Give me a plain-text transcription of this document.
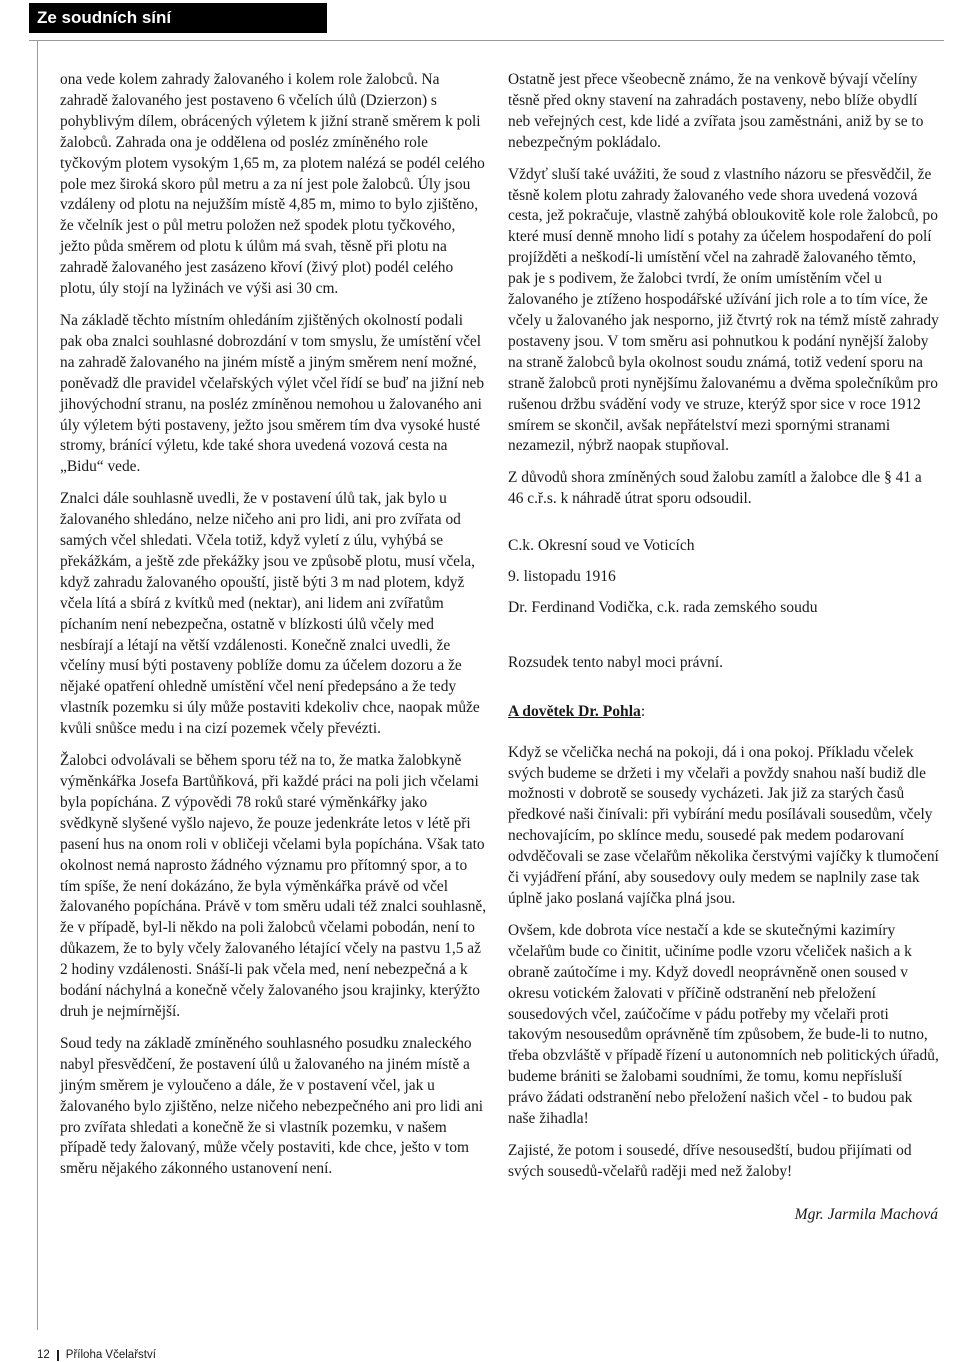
Ze soudních síní

ona vede kolem zahrady žalovaného i kolem role žalobců. Na zahradě žalovaného jest postaveno 6 včelích úlů (Dzierzon) s pohyblivým dílem, obrácených výletem k jižní straně směrem k poli žalobců. Zahrada ona je oddělena od posléz zmíněného role tyčkovým plotem vysokým 1,65 m, za plotem nalézá se podél celého pole mez široká skoro půl metru a za ní jest pole žalobců. Úly jsou vzdáleny od plotu na nejužším místě 4,85 m, mimo to bylo zjištěno, že včelník jest o půl metru položen než spodek plotu tyčkového, ježto půda směrem od plotu k úlům má svah, těsně při plotu na zahradě žalovaného jest zasázeno křoví (živý plot) podél celého plotu, úly stojí na lyžinách ve výši asi 30 cm.

Na základě těchto místním ohledáním zjištěných okolností podali pak oba znalci souhlasné dobrozdání v tom smyslu, že umístění včel na zahradě žalovaného na jiném místě a jiným směrem není možné, poněvadž dle pravidel včelařských výlet včel řídí se buď na jižní neb jihovýchodní stranu, na posléz zmíněnou nemohou u žalovaného ani úly výletem býti postaveny, ježto jsou směrem tím dva vysoké husté stromy, bránící výletu, kde také shora uvedená vozová cesta na „Bidu“ vede.

Znalci dále souhlasně uvedli, že v postavení úlů tak, jak bylo u žalovaného shledáno, nelze ničeho ani pro lidi, ani pro zvířata od samých včel shledati. Včela totiž, když vyletí z úlu, vyhýbá se překážkám, a ještě zde překážky jsou ve způsobě plotu, musí včela, když zahradu žalovaného opouští, jistě býti 3 m nad plotem, když včela lítá a sbírá z kvítků med (nektar), ani lidem ani zvířatům píchaním není nebezpečna, ostatně v blízkosti úlů včely med nesbírají a létají na větší vzdálenosti. Konečně znalci uvedli, že včelíny musí býti postaveny poblíže domu za účelem dozoru a že nějaké opatření ohledně umístění včel není předepsáno a že tedy vlastník pozemku si úly může postaviti kdekoliv chce, naopak může kvůli snůšce medu i na cizí pozemek včely převézti.

Žalobci odvolávali se během sporu též na to, že matka žalobkyně výměnkářka Josefa Bartůňková, při každé práci na poli jich včelami byla popíchána. Z výpovědi 78 roků staré výměnkářky jako svědkyně slyšené vyšlo najevo, že pouze jedenkráte letos v létě při pasení hus na onom roli v obličeji včelami byla popíchána. Však tato okolnost nemá naprosto žádného významu pro přítomný spor, a to tím spíše, že není dokázáno, že byla výměnkářka právě od včel žalovaného popíchána. Právě v tom směru udali též znalci souhlasně, že v případě, byl-li někdo na poli žalobců včelami pobodán, není to důkazem, že to byly včely žalovaného létající včely na pastvu 1,5 až 2 hodiny vzdálenosti. Snáší-li pak včela med, není nebezpečná a k bodání náchylná a konečně včely žalovaného jsou krajinky, kterýžto druh je nejmírnější.

Soud tedy na základě zmíněného souhlasného posudku znaleckého nabyl přesvědčení, že postavení úlů u žalovaného na jiném místě a jiným směrem je vyloučeno a dále, že v postavení včel, jak u žalovaného bylo zjištěno, nelze ničeho nebezpečného ani pro lidi ani pro zvířata shledati a konečně že si vlastník pozemku, v našem případě tedy žalovaný, může včely postaviti, kde chce, ješto v tom směru nějakého zákonného ustanovení není.

Ostatně jest přece všeobecně známo, že na venkově bývají včelíny těsně před okny stavení na zahradách postaveny, nebo blíže obydlí neb veřejných cest, kde lidé a zvířata jsou zaměstnáni, aniž by se to nebezpečným pokládalo.

Vždyť sluší také uvážiti, že soud z vlastního názoru se přesvědčil, že těsně kolem plotu zahrady žalovaného vede shora uvedená vozová cesta, jež pokračuje, vlastně zahýbá obloukovitě kole role žalobců, po které musí denně mnoho lidí s potahy za účelem hospodaření do polí projížděti a neškodí-li umístění včel na zahradě žalovaného těmto, pak je s podivem, že žalobci tvrdí, že oním umístěním včel u žalovaného je ztíženo hospodářské užívání jich role a to tím více, že včely u žalovaného jak nesporno, již čtvrtý rok na témž místě zahrady postaveny jsou. V tom směru asi pohnutkou k podání nynější žaloby na straně žalobců byla okolnost soudu známá, totiž vedení sporu na straně žalobců proti nynějšímu žalovanému a dvěma společníkům pro rušenou držbu svádění vody ve struze, kterýž spor sice v roce 1912 smírem se skončil, avšak nepřátelství mezi spornými stranami nezamezil, nýbrž naopak stupňoval.

Z důvodů shora zmíněných soud žalobu zamítl a žalobce dle § 41 a 46 c.ř.s. k náhradě útrat sporu odsoudil.

C.k. Okresní soud ve Voticích

9. listopadu 1916

Dr. Ferdinand Vodička, c.k. rada zemského soudu

Rozsudek tento nabyl moci právní.

A dovětek Dr. Pohla:

Když se včelička nechá na pokoji, dá i ona pokoj. Příkladu včelek svých budeme se držeti i my včelaři a povždy snahou naší budiž dle možnosti v dobrotě se sousedy vycházeti. Jak již za starých časů předkové naši činívali: při vybírání medu posílávali sousedům, včely nechovajícím, po sklínce medu, sousedé pak medem podarovaní odvděčovali se zase včelařům několika čerstvými vajíčky k tlumočení či vyjádření přání, aby sousedovy ouly medem se naplnily zase tak úplně jako poslaná vajíčka plná jsou.

Ovšem, kde dobrota více nestačí a kde se skutečnými kazimíry včelařům bude co činitit, učiníme podle vzoru včeliček našich a k obraně zaútočíme i my. Když dovedl neoprávněně onen soused v okresu votickém žalovati v příčině odstranění neb přeložení sousedových včel, zaúčočíme v pádu potřeby my včelaři proti takovým nesousedům oprávněně tím způsobem, že bude-li to nutno, třeba obzvláště v případě řízení u autonomních neb politických úřadů, budeme brániti se žalobami soudními, že tomu, komu nepřísluší právo žádati odstranění nebo přeložení našich včel - to budou pak naše žihadla!

Zajisté, že potom i sousedé, dříve nesousedští, budou přijímati od svých sousedů-včelařů raději med než žaloby!

Mgr. Jarmila Machová

12 Příloha Včelařství
